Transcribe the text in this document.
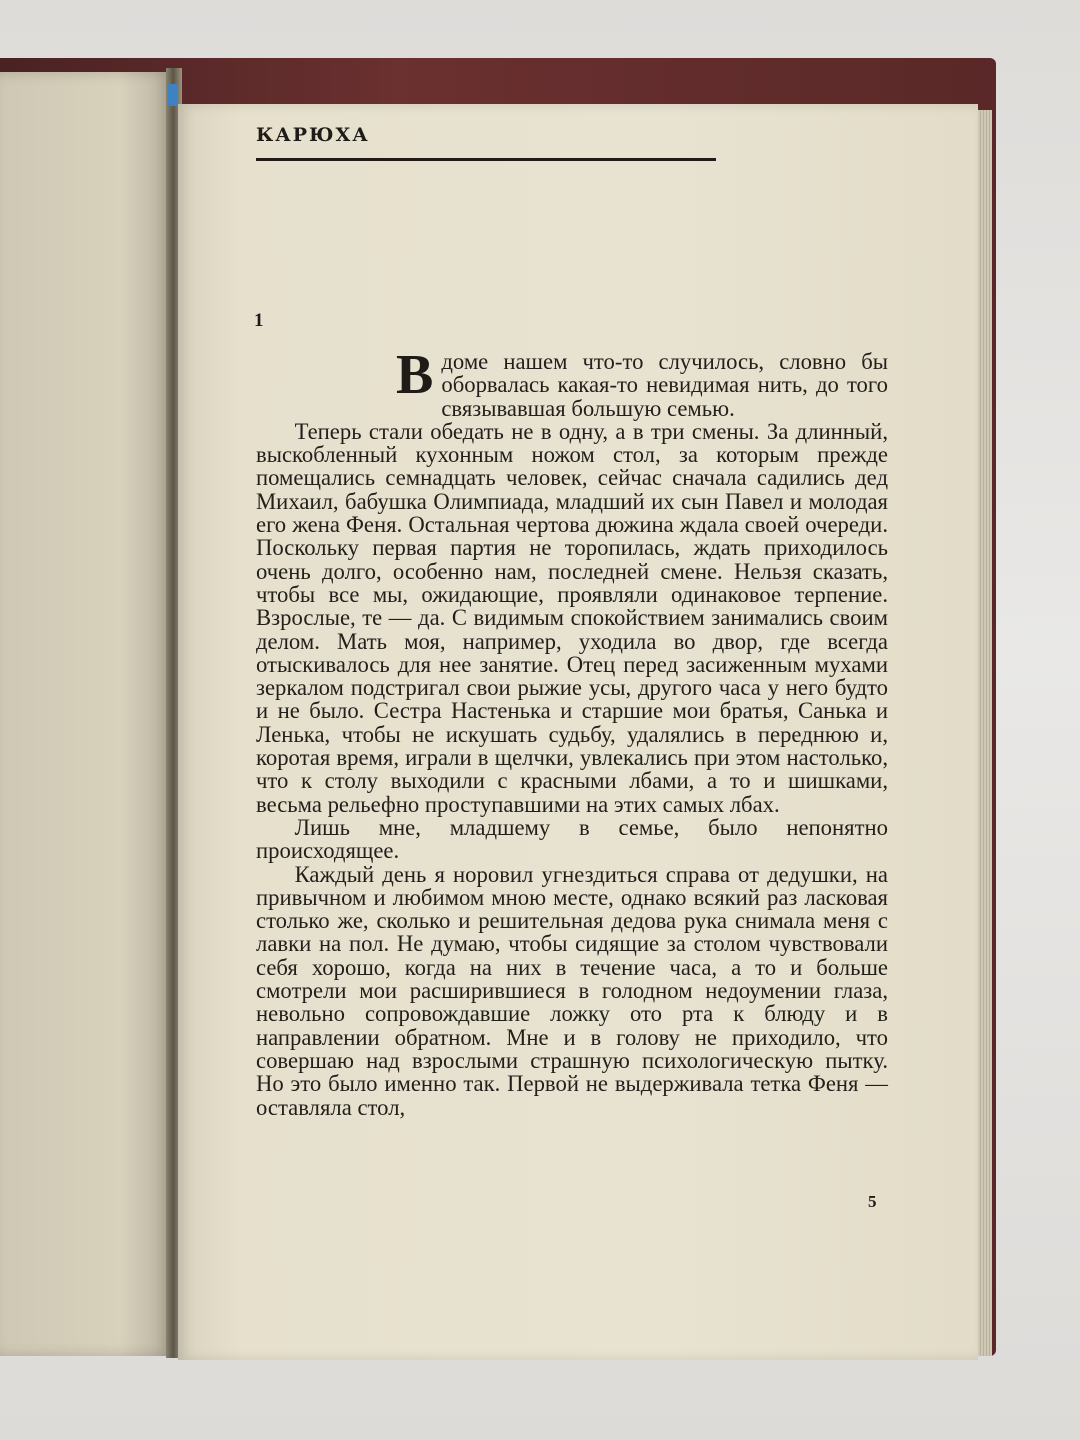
КАРЮХА
1

Вдоме нашем что-то случилось, словно бы оборвалась какая-то невидимая нить, до того связывавшая большую семью.

Теперь стали обедать не в одну, а в три смены. За длинный, выскобленный кухонным ножом стол, за которым прежде помещались семнадцать человек, сейчас сначала садились дед Михаил, бабушка Олимпиада, младший их сын Павел и молодая его жена Феня. Остальная чертова дюжина ждала своей очереди. Поскольку первая партия не торопилась, ждать приходилось очень долго, особенно нам, последней смене. Нельзя сказать, чтобы все мы, ожидающие, проявляли одинаковое терпение. Взрослые, те — да. С видимым спокойствием занимались своим делом. Мать моя, например, уходила во двор, где всегда отыскивалось для нее занятие. Отец перед засиженным мухами зеркалом подстригал свои рыжие усы, другого часа у него будто и не было. Сестра Настенька и старшие мои братья, Санька и Ленька, чтобы не искушать судьбу, удалялись в переднюю и, коротая время, играли в щелчки, увлекались при этом настолько, что к столу выходили с красными лбами, а то и шишками, весьма рельефно проступавшими на этих самых лбах.

Лишь мне, младшему в семье, было непонятно происходящее.

Каждый день я норовил угнездиться справа от дедушки, на привычном и любимом мною месте, однако всякий раз ласковая столько же, сколько и решительная дедова рука снимала меня с лавки на пол. Не думаю, чтобы сидящие за столом чувствовали себя хорошо, когда на них в течение часа, а то и больше смотрели мои расширившиеся в голодном недоумении глаза, невольно сопровождавшие ложку ото рта к блюду и в направлении обратном. Мне и в голову не приходило, что совершаю над взрослыми страшную психологическую пытку. Но это было именно так. Первой не выдерживала тетка Феня — оставляла стол,

5
